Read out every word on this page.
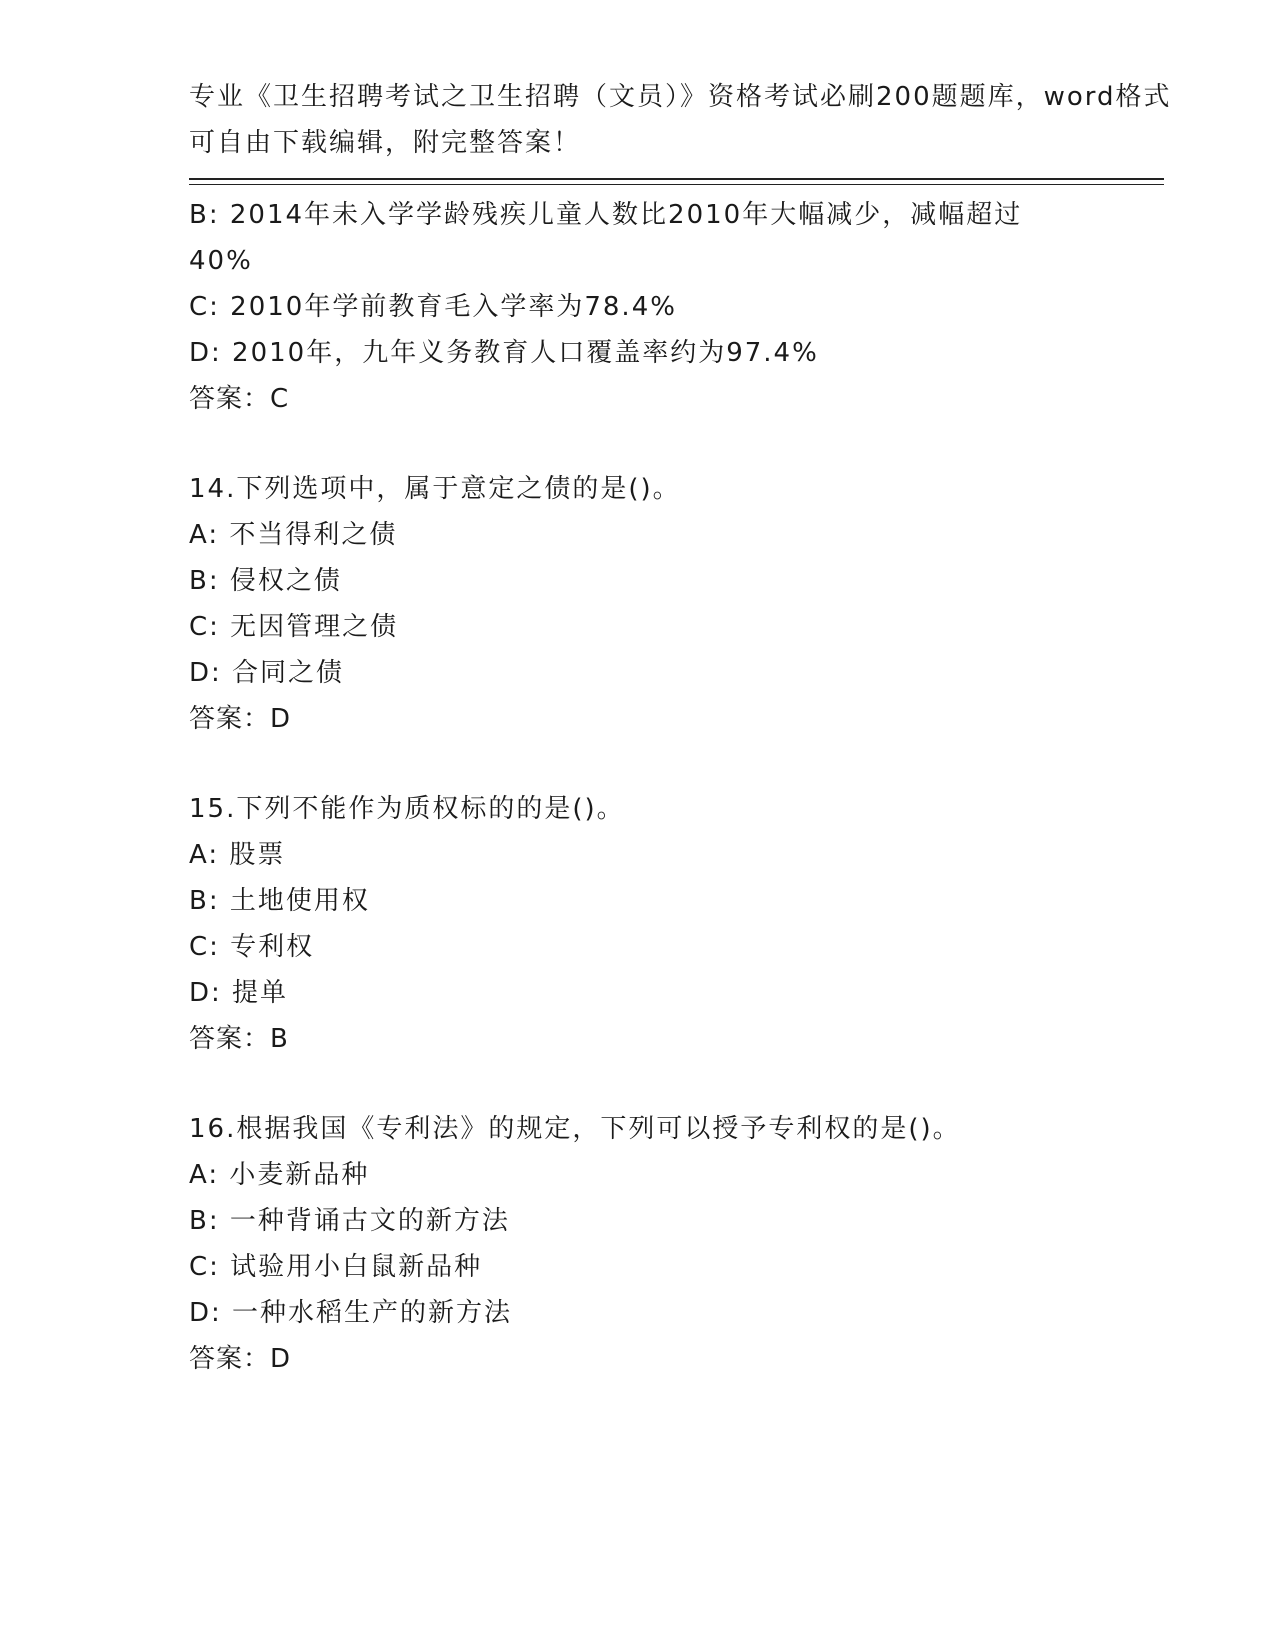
专业《卫生招聘考试之卫生招聘（文员）》资格考试必刷200题题库，word格式
可自由下载编辑，附完整答案！
B: 2014年未入学学龄残疾儿童人数比2010年大幅减少，减幅超过
40%
C: 2010年学前教育毛入学率为78.4%
D: 2010年，九年义务教育人口覆盖率约为97.4%
答案：C
14.下列选项中，属于意定之债的是()。
A: 不当得利之债
B: 侵权之债
C: 无因管理之债
D: 合同之债
答案：D
15.下列不能作为质权标的的是()。
A: 股票
B: 土地使用权
C: 专利权
D: 提单
答案：B
16.根据我国《专利法》的规定，下列可以授予专利权的是()。
A: 小麦新品种
B: 一种背诵古文的新方法
C: 试验用小白鼠新品种
D: 一种水稻生产的新方法
答案：D
